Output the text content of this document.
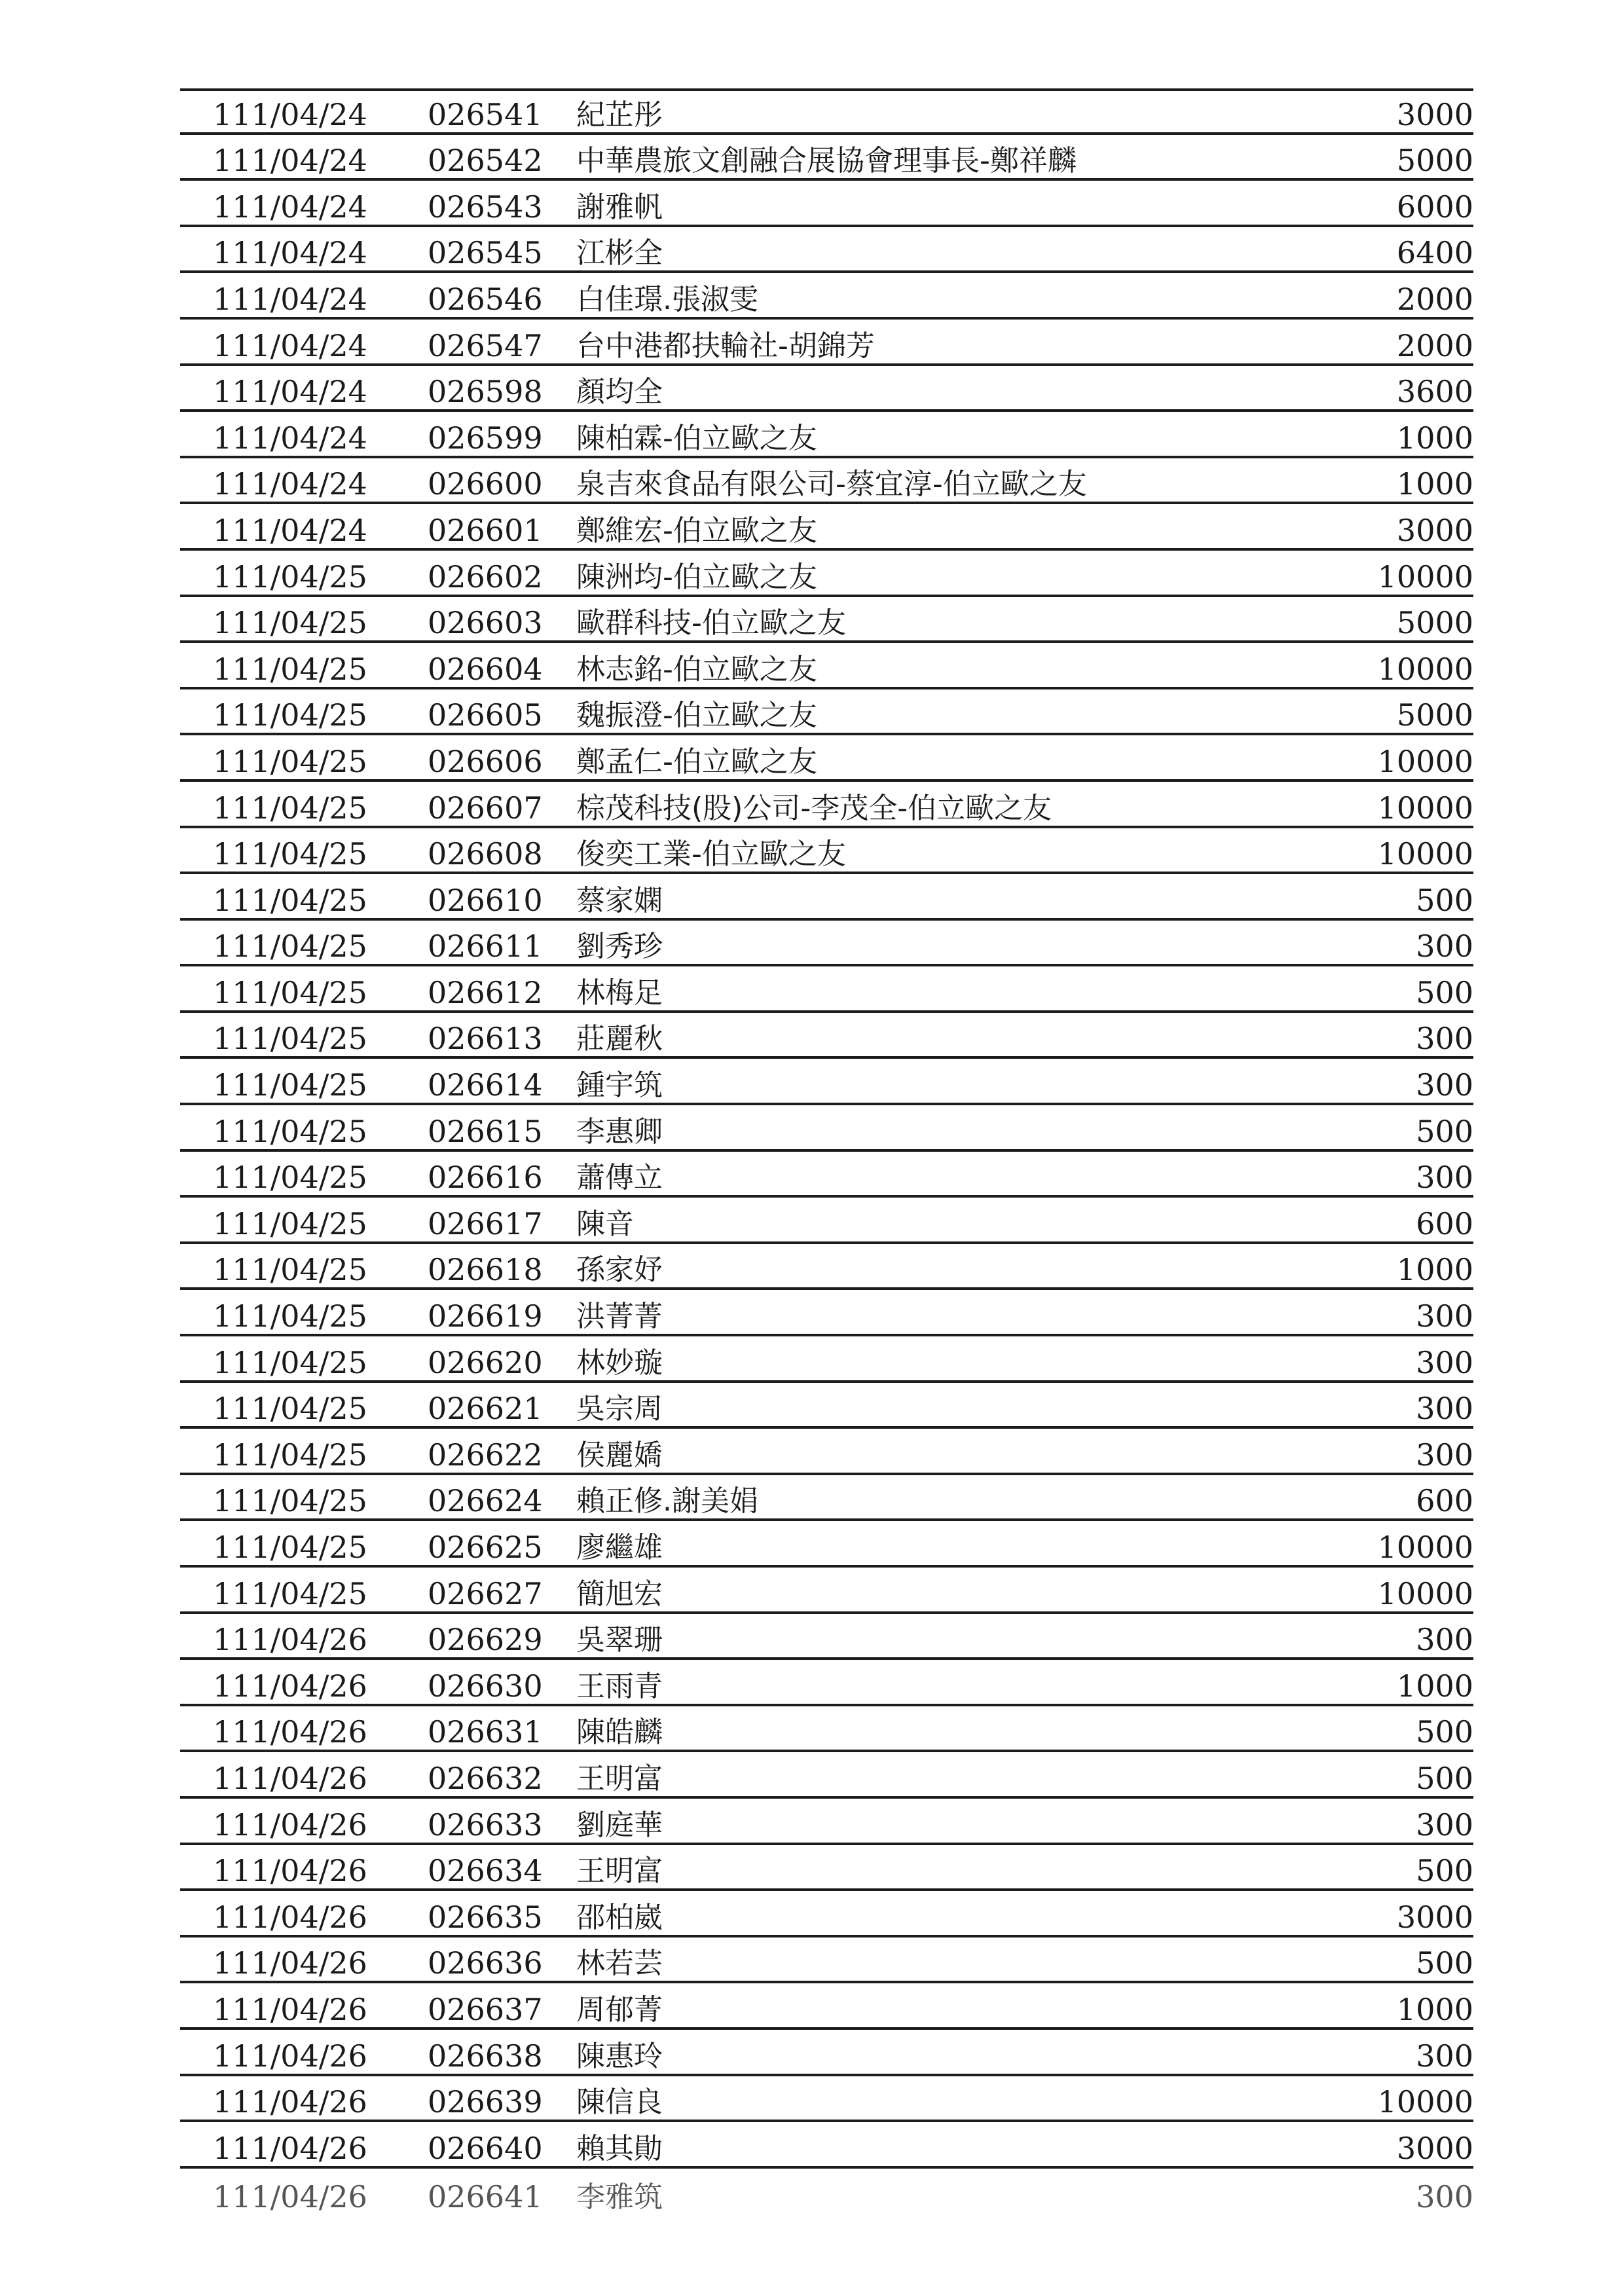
111/04/24 026541 紀芷彤	3000
111/04/24 026542 中華農旅文創融合展協會理事長-鄭祥麟	5000
111/04/24 026543 謝雅帆	6000
111/04/24 026545 江彬全	6400
111/04/24 026546 白佳璟.張淑雯	2000
111/04/24 026547 台中港都扶輪社-胡錦芳	2000
111/04/24 026598 顏均全	3600
111/04/24 026599 陳柏霖-伯立歐之友	1000
111/04/24 026600 泉吉來食品有限公司-蔡宜淳-伯立歐之友	1000
111/04/24 026601 鄭維宏-伯立歐之友	3000
111/04/25 026602 陳洲均-伯立歐之友	10000
111/04/25 026603 歐群科技-伯立歐之友	5000
111/04/25 026604 林志銘-伯立歐之友	10000
111/04/25 026605 魏振澄-伯立歐之友	5000
111/04/25 026606 鄭孟仁-伯立歐之友	10000
111/04/25 026607 棕茂科技(股)公司-李茂全-伯立歐之友	10000
111/04/25 026608 俊奕工業-伯立歐之友	10000
111/04/25 026610 蔡家嫻	500
111/04/25 026611 劉秀珍	300
111/04/25 026612 林梅足	500
111/04/25 026613 莊麗秋	300
111/04/25 026614 鍾宇筑	300
111/04/25 026615 李惠卿	500
111/04/25 026616 蕭傳立	300
111/04/25 026617 陳音	600
111/04/25 026618 孫家妤	1000
111/04/25 026619 洪菁菁	300
111/04/25 026620 林妙璇	300
111/04/25 026621 吳宗周	300
111/04/25 026622 侯麗嬌	300
111/04/25 026624 賴正修.謝美娟	600
111/04/25 026625 廖繼雄	10000
111/04/25 026627 簡旭宏	10000
111/04/26 026629 吳翠珊	300
111/04/26 026630 王雨青	1000
111/04/26 026631 陳皓麟	500
111/04/26 026632 王明富	500
111/04/26 026633 劉庭華	300
111/04/26 026634 王明富	500
111/04/26 026635 邵柏崴	3000
111/04/26 026636 林若芸	500
111/04/26 026637 周郁菁	1000
111/04/26 026638 陳惠玲	300
111/04/26 026639 陳信良	10000
111/04/26 026640 賴其勛	3000
111/04/26 026641 李雅筑	300
